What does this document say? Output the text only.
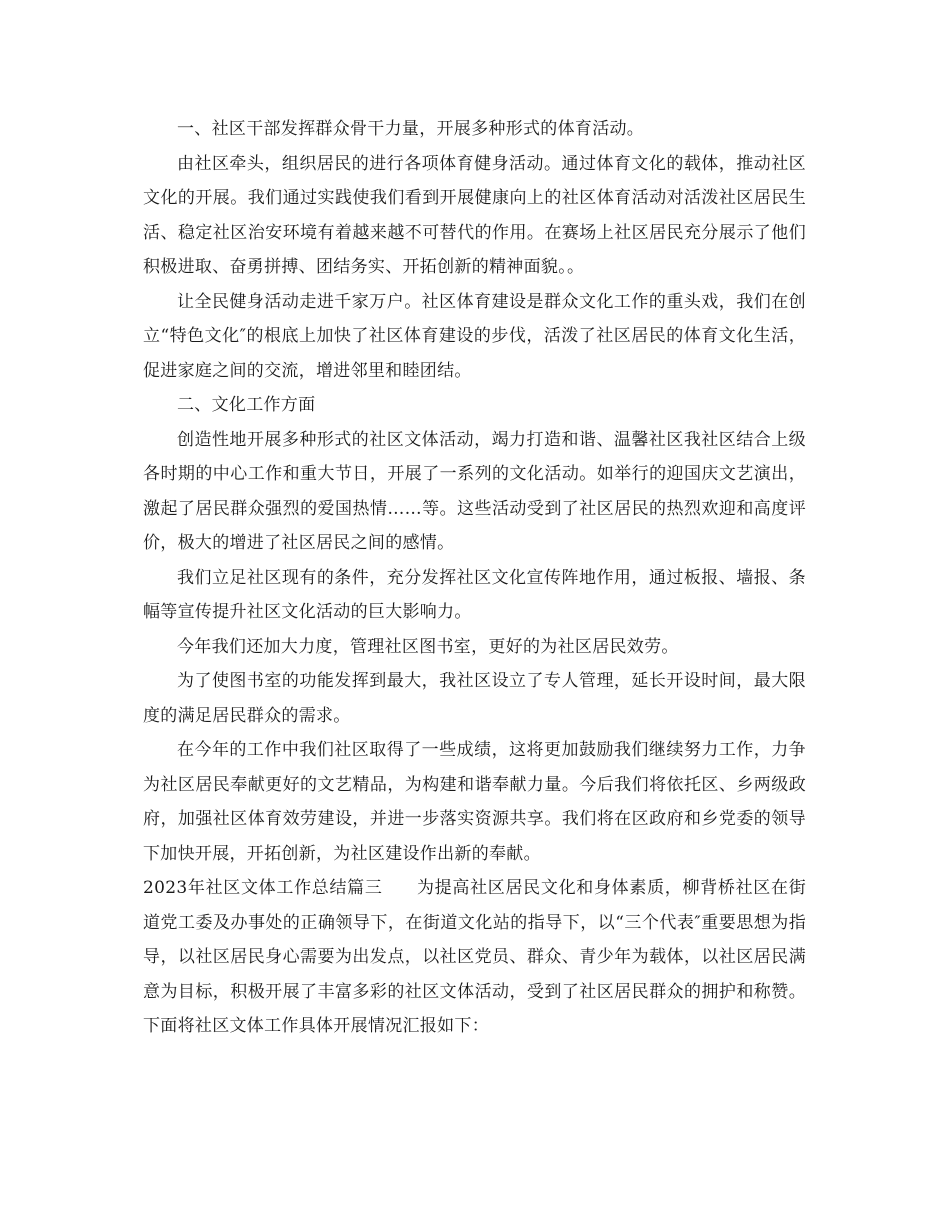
一、社区干部发挥群众骨干力量，开展多种形式的体育活动。

由社区牵头，组织居民的进行各项体育健身活动。通过体育文化的载体，推动社区文化的开展。我们通过实践使我们看到开展健康向上的社区体育活动对活泼社区居民生活、稳定社区治安环境有着越来越不可替代的作用。在赛场上社区居民充分展示了他们积极进取、奋勇拼搏、团结务实、开拓创新的精神面貌。。

让全民健身活动走进千家万户。社区体育建设是群众文化工作的重头戏，我们在创立“特色文化″的根底上加快了社区体育建设的步伐，活泼了社区居民的体育文化生活，促进家庭之间的交流，增进邻里和睦团结。

二、文化工作方面

创造性地开展多种形式的社区文体活动，竭力打造和谐、温馨社区我社区结合上级各时期的中心工作和重大节日，开展了一系列的文化活动。如举行的迎国庆文艺演出，激起了居民群众强烈的爱国热情……等。这些活动受到了社区居民的热烈欢迎和高度评价，极大的增进了社区居民之间的感情。

我们立足社区现有的条件，充分发挥社区文化宣传阵地作用，通过板报、墙报、条幅等宣传提升社区文化活动的巨大影响力。

今年我们还加大力度，管理社区图书室，更好的为社区居民效劳。

为了使图书室的功能发挥到最大，我社区设立了专人管理，延长开设时间，最大限度的满足居民群众的需求。

在今年的工作中我们社区取得了一些成绩，这将更加鼓励我们继续努力工作，力争为社区居民奉献更好的文艺精品，为构建和谐奉献力量。今后我们将依托区、乡两级政府，加强社区体育效劳建设，并进一步落实资源共享。我们将在区政府和乡党委的领导下加快开展，开拓创新，为社区建设作出新的奉献。

2023年社区文体工作总结篇三 为提高社区居民文化和身体素质，柳背桥社区在街道党工委及办事处的正确领导下，在街道文化站的指导下，以“三个代表″重要思想为指导，以社区居民身心需要为出发点，以社区党员、群众、青少年为载体，以社区居民满意为目标，积极开展了丰富多彩的社区文体活动，受到了社区居民群众的拥护和称赞。下面将社区文体工作具体开展情况汇报如下：
